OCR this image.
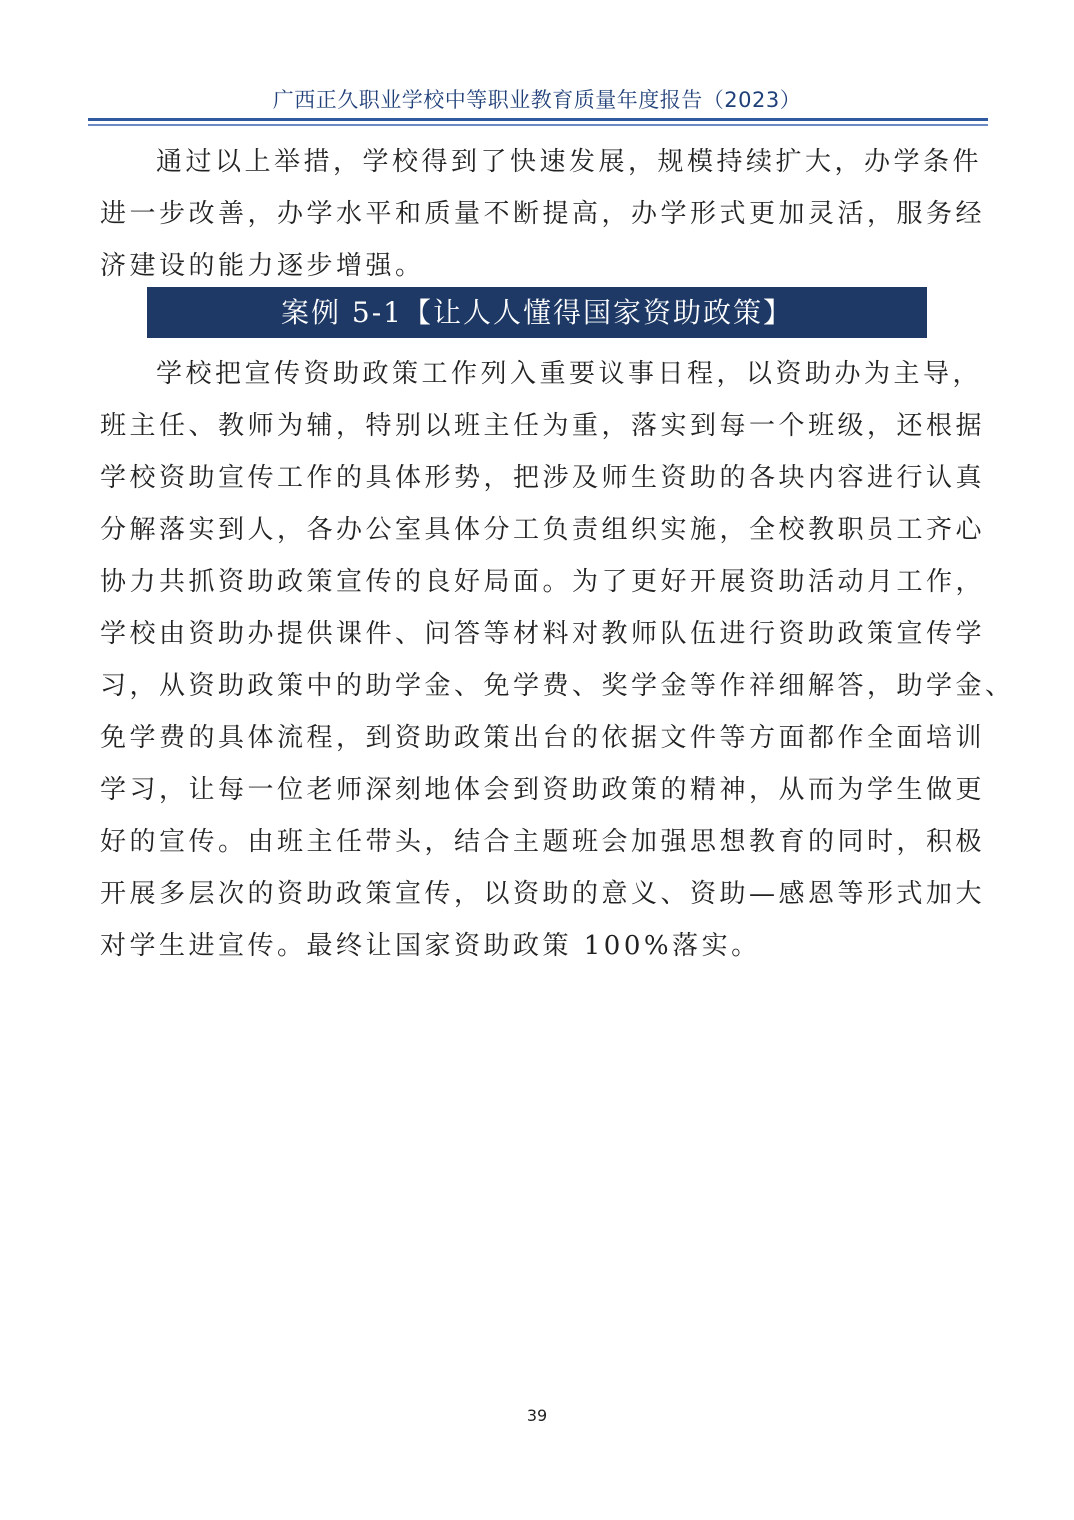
广西正久职业学校中等职业教育质量年度报告（2023）
通过以上举措，学校得到了快速发展，规模持续扩大，办学条件
进一步改善，办学水平和质量不断提高，办学形式更加灵活，服务经
济建设的能力逐步增强。
案例 5-1【让人人懂得国家资助政策】
学校把宣传资助政策工作列入重要议事日程，以资助办为主导，
班主任、教师为辅，特别以班主任为重，落实到每一个班级，还根据
学校资助宣传工作的具体形势，把涉及师生资助的各块内容进行认真
分解落实到人，各办公室具体分工负责组织实施，全校教职员工齐心
协力共抓资助政策宣传的良好局面。为了更好开展资助活动月工作，
学校由资助办提供课件、问答等材料对教师队伍进行资助政策宣传学
习，从资助政策中的助学金、免学费、奖学金等作祥细解答，助学金、
免学费的具体流程，到资助政策出台的依据文件等方面都作全面培训
学习，让每一位老师深刻地体会到资助政策的精神，从而为学生做更
好的宣传。由班主任带头，结合主题班会加强思想教育的同时，积极
开展多层次的资助政策宣传，以资助的意义、资助—感恩等形式加大
对学生进宣传。最终让国家资助政策 100%落实。
39
